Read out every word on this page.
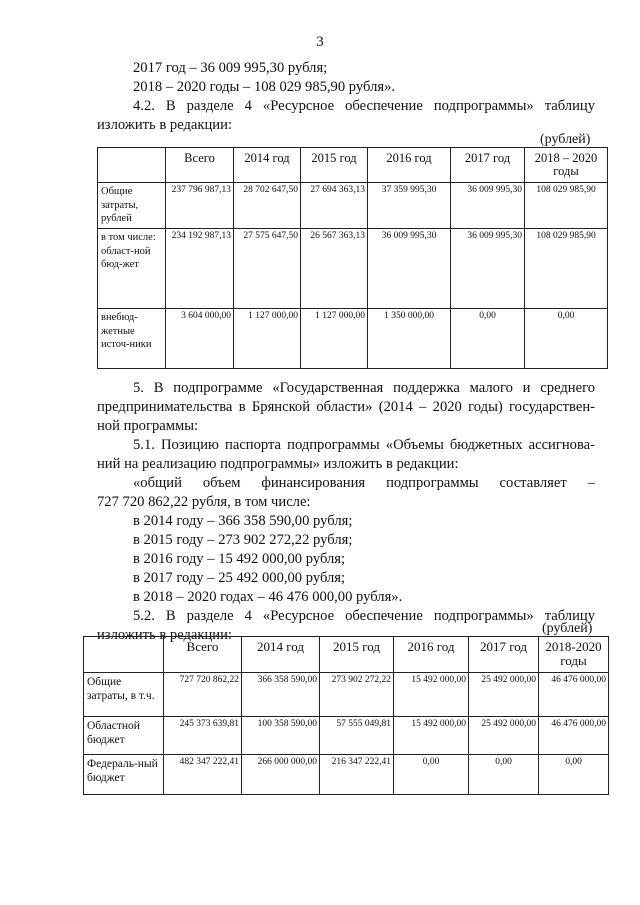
3
2017 год – 36 009 995,30 рубля;
2018 – 2020 годы – 108 029 985,90 рубля».
4.2. В разделе 4 «Ресурсное обеспечение подпрограммы» таблицу
изложить в редакции:
(рублей)
	Всего	2014 год	2015 год	2016 год	2017 год	2018 – 2020 годы
Общие затраты, рублей	237 796 987,13	28 702 647,50	27 694 363,13	37 359 995,30	36 009 995,30	108 029 985,90
в том числе: област-ной бюд-жет	234 192 987,13	27 575 647,50	26 567 363,13	36 009 995,30	36 009 995,30	108 029 985,90
внебюд-жетные источ-ники	3 604 000,00	1 127 000,00	1 127 000,00	1 350 000,00	0,00	0,00
5. В подпрограмме «Государственная поддержка малого и среднего
предпринимательства в Брянской области» (2014 – 2020 годы) государствен-
ной программы:
5.1. Позицию паспорта подпрограммы «Объемы бюджетных ассигнова-
ний на реализацию подпрограммы» изложить в редакции:
«общий объем финансирования подпрограммы составляет –
727 720 862,22 рубля, в том числе:
в 2014 году – 366 358 590,00 рубля;
в 2015 году – 273 902 272,22 рубля;
в 2016 году – 15 492 000,00 рубля;
в 2017 году – 25 492 000,00 рубля;
в 2018 – 2020 годах – 46 476 000,00 рубля».
5.2. В разделе 4 «Ресурсное обеспечение подпрограммы» таблицу
изложить в редакции:	(рублей)
	Всего	2014 год	2015 год	2016 год	2017 год	2018-2020 годы
Общие затраты, в т.ч.	727 720 862,22	366 358 590,00	273 902 272,22	15 492 000,00	25 492 000,00	46 476 000,00
Областной бюджет	245 373 639,81	100 358 590,00	57 555 049,81	15 492 000,00	25 492 000,00	46 476 000,00
Федераль-ный бюджет	482 347 222,41	266 000 000,00	216 347 222,41	0,00	0,00	0,00
